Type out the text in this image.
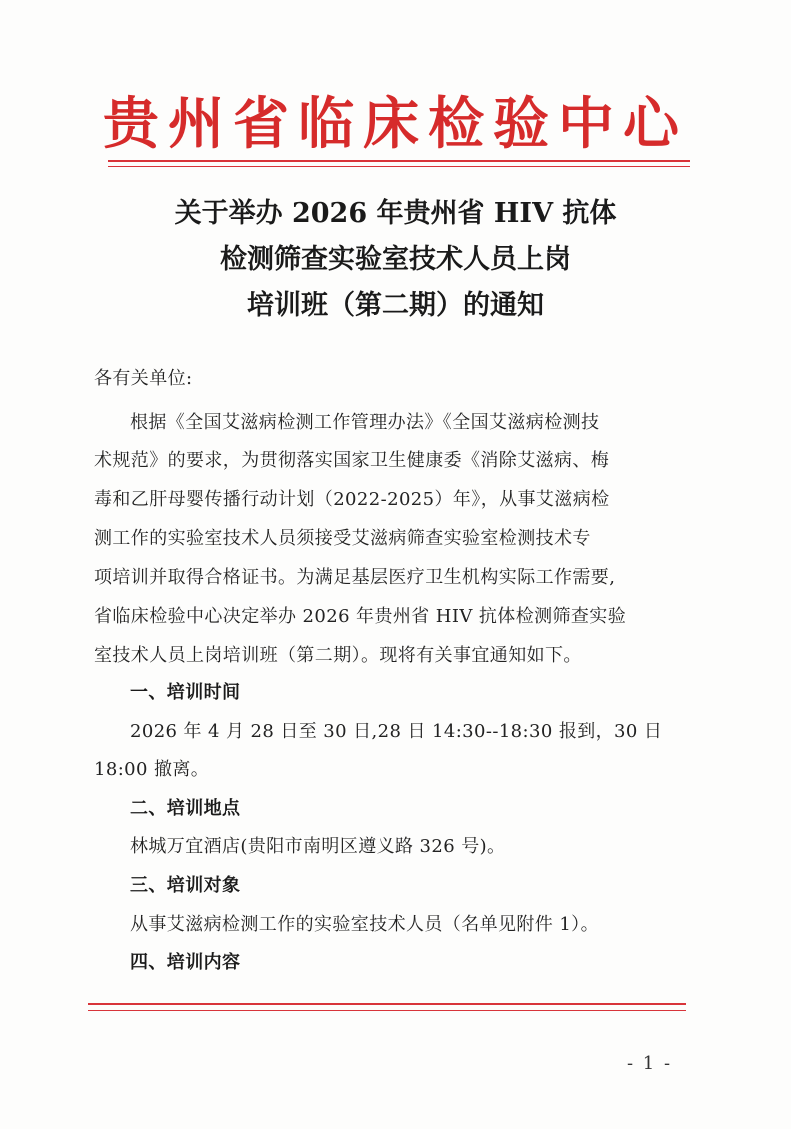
贵州省临床检验中心
关于举办 2026 年贵州省 HIV 抗体
检测筛查实验室技术人员上岗
培训班（第二期）的通知
各有关单位:
根据《全国艾滋病检测工作管理办法》《全国艾滋病检测技
术规范》的要求，为贯彻落实国家卫生健康委《消除艾滋病、梅
毒和乙肝母婴传播行动计划（2022-2025）年》，从事艾滋病检
测工作的实验室技术人员须接受艾滋病筛查实验室检测技术专
项培训并取得合格证书。为满足基层医疗卫生机构实际工作需要,
省临床检验中心决定举办 2026 年贵州省 HIV 抗体检测筛查实验
室技术人员上岗培训班（第二期）。现将有关事宜通知如下。
一、培训时间
2026 年 4 月 28 日至 30 日,28 日 14:30--18:30 报到，30 日
18:00 撤离。
二、培训地点
林城万宜酒店(贵阳市南明区遵义路 326 号)。
三、培训对象
从事艾滋病检测工作的实验室技术人员（名单见附件 1）。
四、培训内容
- 1 -
